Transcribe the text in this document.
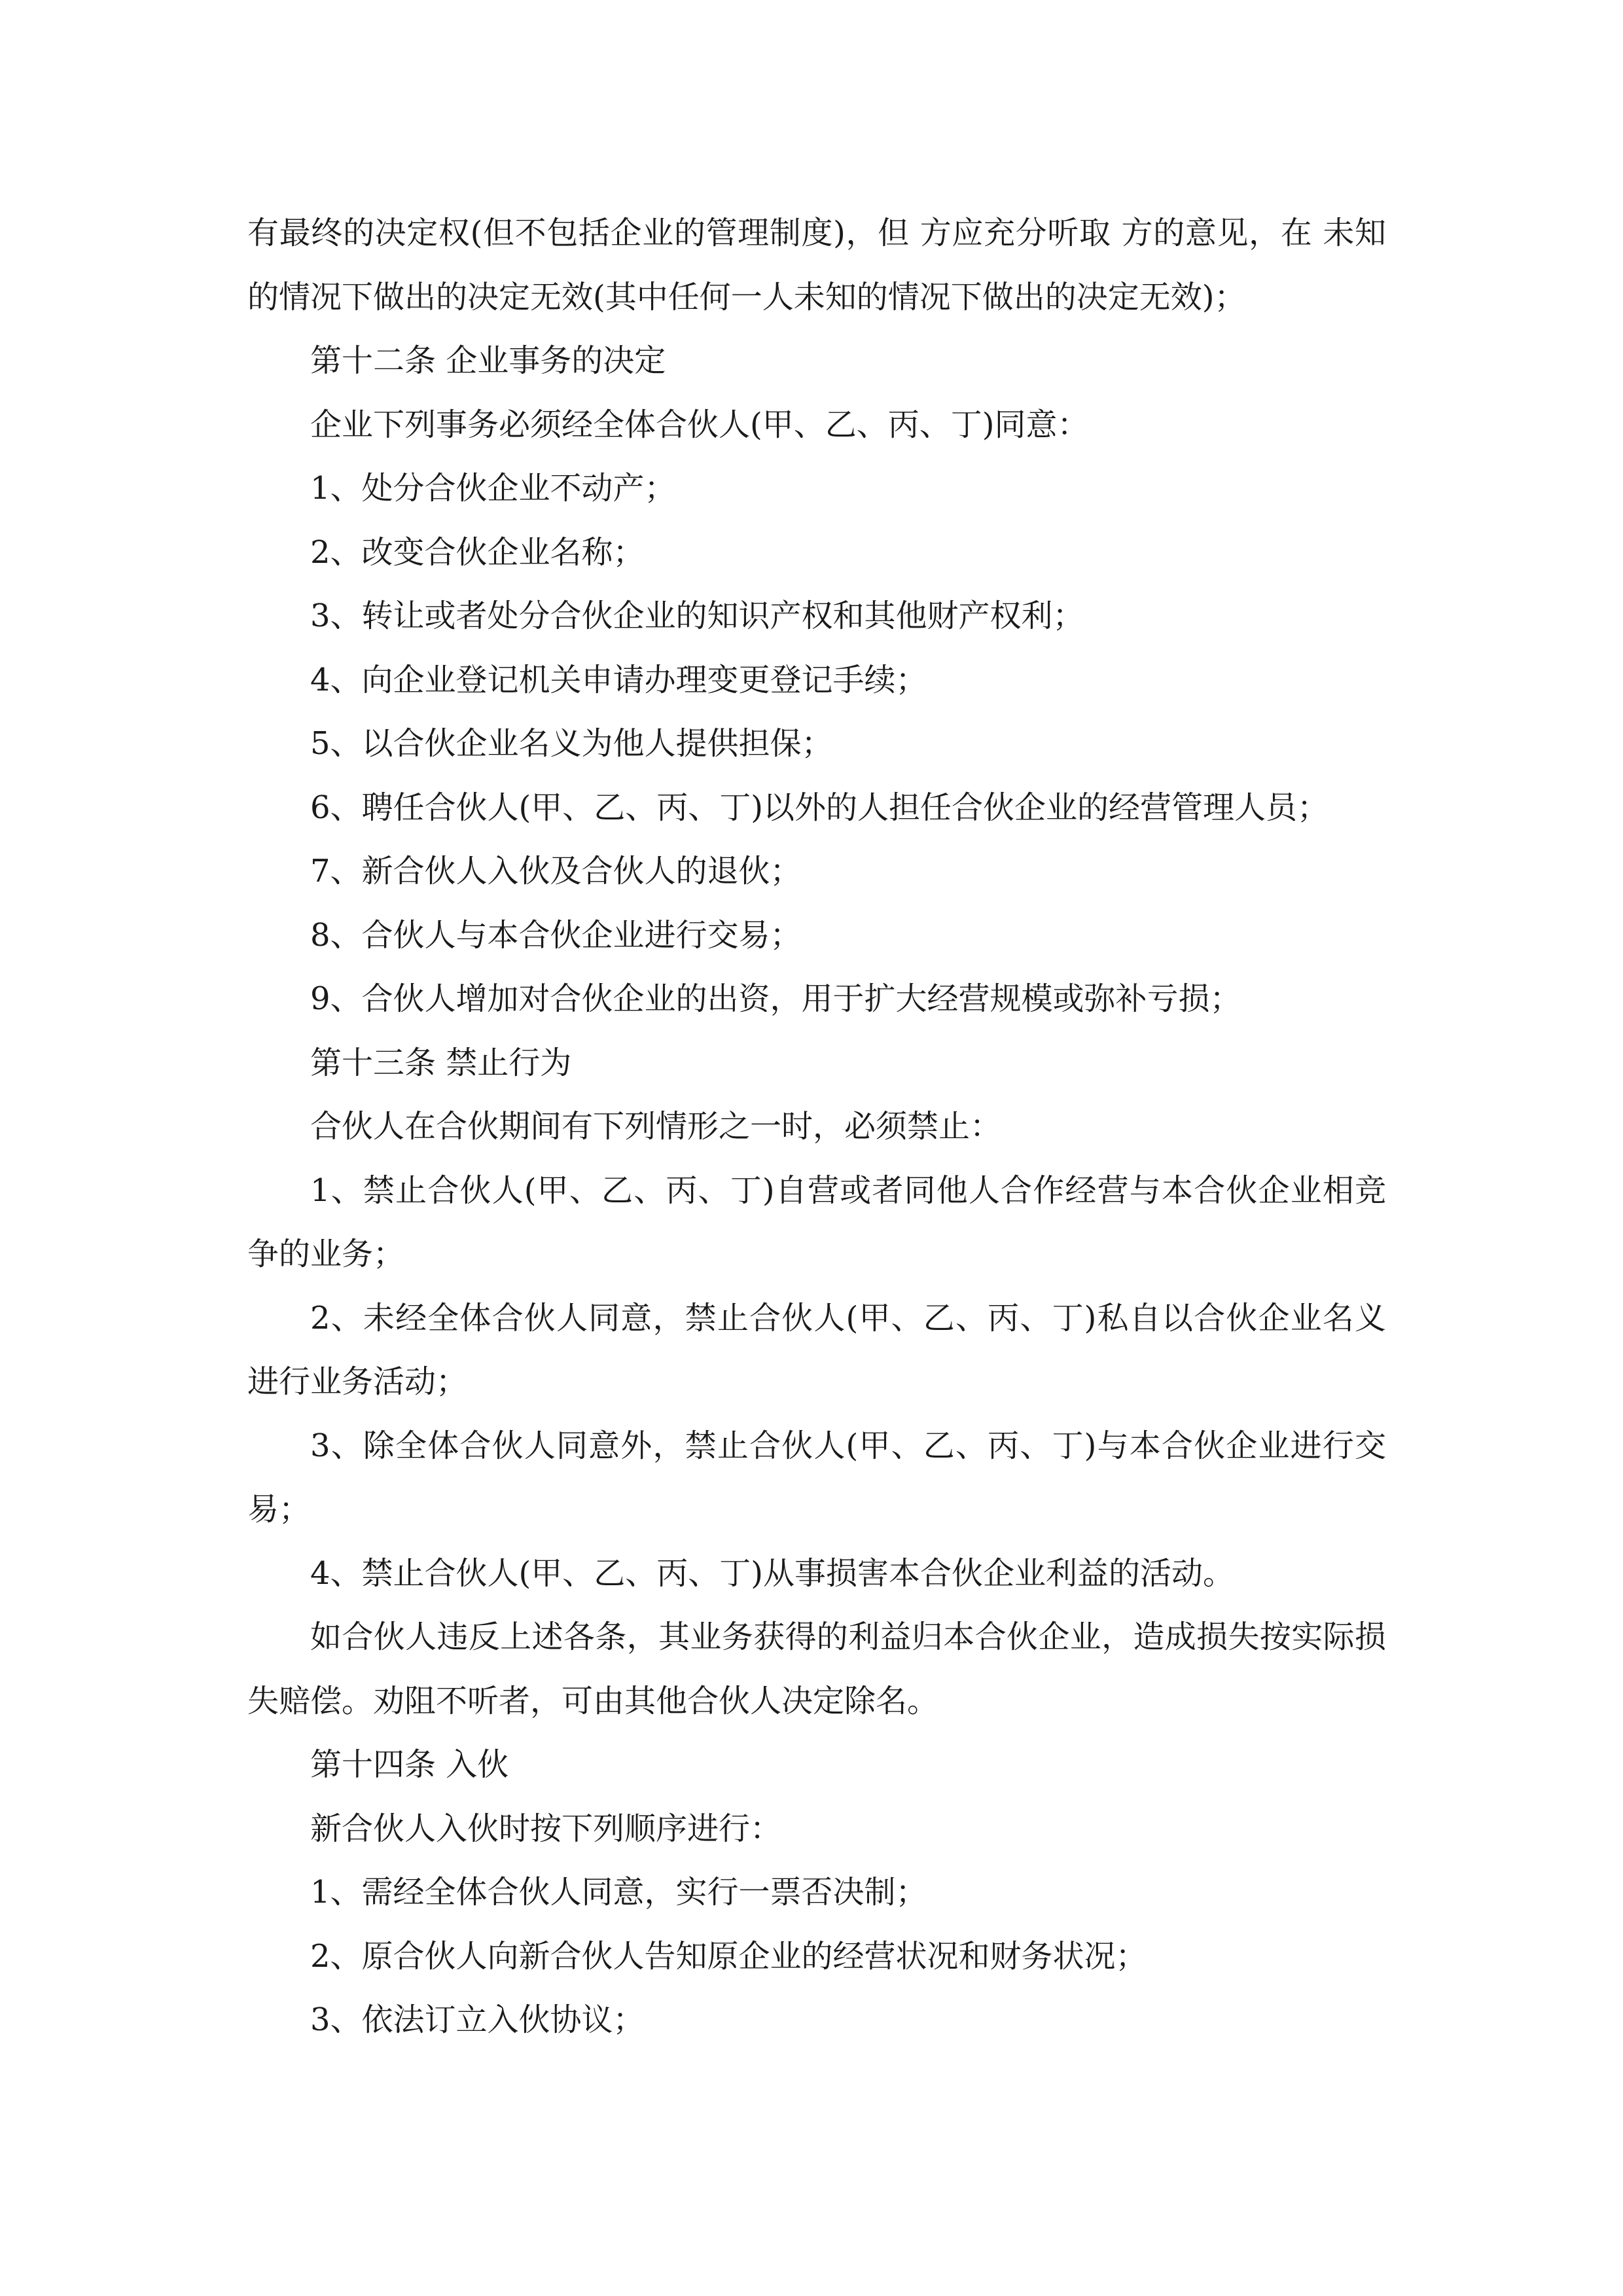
有最终的决定权(但不包括企业的管理制度)，但 方应充分听取 方的意见，在 未知的情况下做出的决定无效(其中任何一人未知的情况下做出的决定无效)；

第十二条 企业事务的决定

企业下列事务必须经全体合伙人(甲、乙、丙、丁)同意：

1、处分合伙企业不动产；

2、改变合伙企业名称；

3、转让或者处分合伙企业的知识产权和其他财产权利；

4、向企业登记机关申请办理变更登记手续；

5、以合伙企业名义为他人提供担保；

6、聘任合伙人(甲、乙、丙、丁)以外的人担任合伙企业的经营管理人员；

7、新合伙人入伙及合伙人的退伙；

8、合伙人与本合伙企业进行交易；

9、合伙人增加对合伙企业的出资，用于扩大经营规模或弥补亏损；

第十三条 禁止行为

合伙人在合伙期间有下列情形之一时，必须禁止：

1、禁止合伙人(甲、乙、丙、丁)自营或者同他人合作经营与本合伙企业相竞争的业务；

2、未经全体合伙人同意，禁止合伙人(甲、乙、丙、丁)私自以合伙企业名义进行业务活动；

3、除全体合伙人同意外，禁止合伙人(甲、乙、丙、丁)与本合伙企业进行交易；

4、禁止合伙人(甲、乙、丙、丁)从事损害本合伙企业利益的活动。

如合伙人违反上述各条，其业务获得的利益归本合伙企业，造成损失按实际损失赔偿。劝阻不听者，可由其他合伙人决定除名。

第十四条 入伙

新合伙人入伙时按下列顺序进行：

1、需经全体合伙人同意，实行一票否决制；

2、原合伙人向新合伙人告知原企业的经营状况和财务状况；

3、依法订立入伙协议；
